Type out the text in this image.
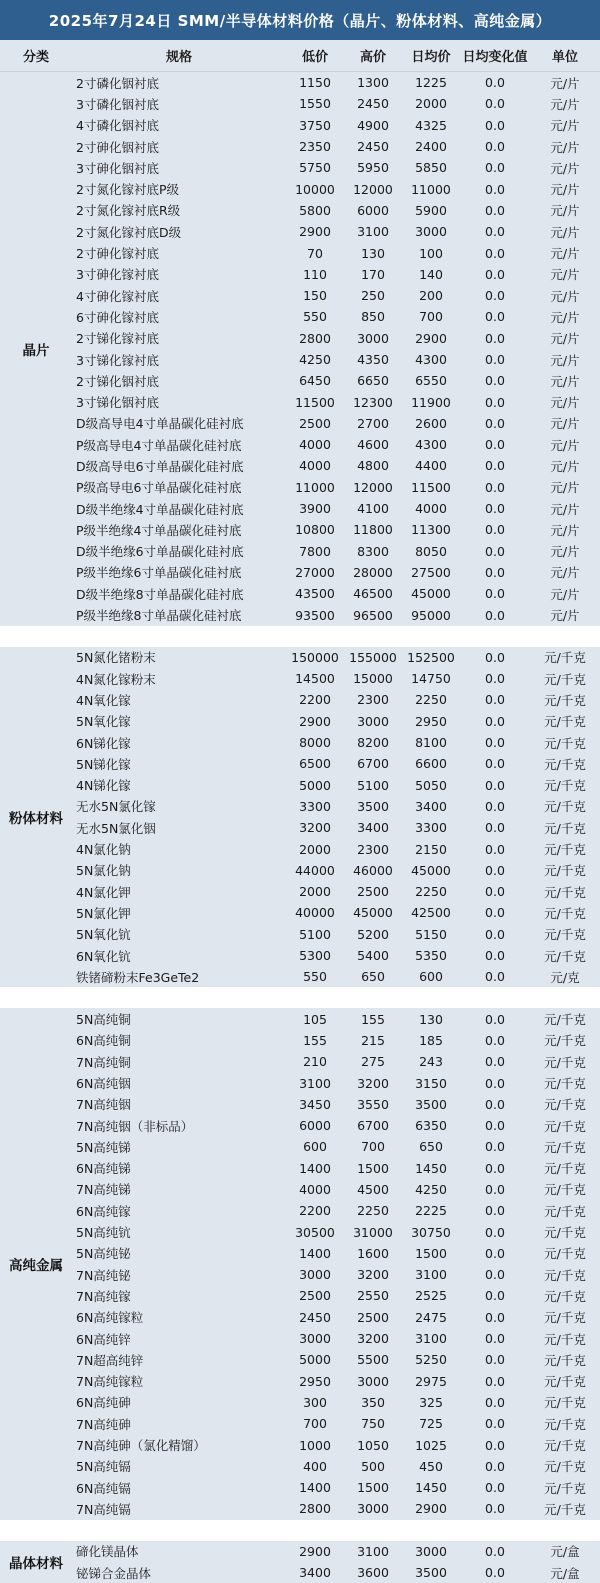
2025年7月24日 SMM/半导体材料价格（晶片、粉体材料、高纯金属）
分类	规格	低价	高价	日均价 日均变化值	单位
晶片
2寸磷化铟衬底	1150	1300	1225	0.0	元/片
3寸磷化铟衬底	1550	2450	2000	0.0	元/片
4寸磷化铟衬底	3750	4900	4325	0.0	元/片
2寸砷化铟衬底	2350	2450	2400	0.0	元/片
3寸砷化铟衬底	5750	5950	5850	0.0	元/片
2寸氮化镓衬底P级	10000	12000	11000	0.0	元/片
2寸氮化镓衬底R级	5800	6000	5900	0.0	元/片
2寸氮化镓衬底D级	2900	3100	3000	0.0	元/片
2寸砷化镓衬底	70	130	100	0.0	元/片
3寸砷化镓衬底	110	170	140	0.0	元/片
4寸砷化镓衬底	150	250	200	0.0	元/片
6寸砷化镓衬底	550	850	700	0.0	元/片
2寸锑化镓衬底	2800	3000	2900	0.0	元/片
3寸锑化镓衬底	4250	4350	4300	0.0	元/片
2寸锑化铟衬底	6450	6650	6550	0.0	元/片
3寸锑化铟衬底	11500	12300	11900	0.0	元/片
D级高导电4寸单晶碳化硅衬底	2500	2700	2600	0.0	元/片
P级高导电4寸单晶碳化硅衬底	4000	4600	4300	0.0	元/片
D级高导电6寸单晶碳化硅衬底	4000	4800	4400	0.0	元/片
P级高导电6寸单晶碳化硅衬底	11000	12000	11500	0.0	元/片
D级半绝缘4寸单晶碳化硅衬底	3900	4100	4000	0.0	元/片
P级半绝缘4寸单晶碳化硅衬底	10800	11800	11300	0.0	元/片
D级半绝缘6寸单晶碳化硅衬底	7800	8300	8050	0.0	元/片
P级半绝缘6寸单晶碳化硅衬底	27000	28000	27500	0.0	元/片
D级半绝缘8寸单晶碳化硅衬底	43500	46500	45000	0.0	元/片
P级半绝缘8寸单晶碳化硅衬底	93500	96500	95000	0.0	元/片
粉体材料
5N氮化锗粉末	150000 155000 152500	0.0	元/千克
4N氮化镓粉末	14500	15000	14750	0.0	元/千克
4N氧化镓	2200	2300	2250	0.0	元/千克
5N氧化镓	2900	3000	2950	0.0	元/千克
6N锑化镓	8000	8200	8100	0.0	元/千克
5N锑化镓	6500	6700	6600	0.0	元/千克
4N锑化镓	5000	5100	5050	0.0	元/千克
无水5N氯化镓	3300	3500	3400	0.0	元/千克
无水5N氯化铟	3200	3400	3300	0.0	元/千克
4N氯化钠	2000	2300	2150	0.0	元/千克
5N氯化钠	44000	46000	45000	0.0	元/千克
4N氯化钾	2000	2500	2250	0.0	元/千克
5N氯化钾	40000	45000	42500	0.0	元/千克
5N氧化钪	5100	5200	5150	0.0	元/千克
6N氧化钪	5300	5400	5350	0.0	元/千克
铁锗碲粉末Fe3GeTe2	550	650	600	0.0	元/克
高纯金属
5N高纯铜	105	155	130	0.0	元/千克
6N高纯铜	155	215	185	0.0	元/千克
7N高纯铜	210	275	243	0.0	元/千克
6N高纯铟	3100	3200	3150	0.0	元/千克
7N高纯铟	3450	3550	3500	0.0	元/千克
7N高纯铟（非标品）	6000	6700	6350	0.0	元/千克
5N高纯锑	600	700	650	0.0	元/千克
6N高纯锑	1400	1500	1450	0.0	元/千克
7N高纯锑	4000	4500	4250	0.0	元/千克
6N高纯镓	2200	2250	2225	0.0	元/千克
5N高纯钪	30500	31000	30750	0.0	元/千克
5N高纯铋	1400	1600	1500	0.0	元/千克
7N高纯铋	3000	3200	3100	0.0	元/千克
7N高纯镓	2500	2550	2525	0.0	元/千克
6N高纯镓粒	2450	2500	2475	0.0	元/千克
6N高纯锌	3000	3200	3100	0.0	元/千克
7N超高纯锌	5000	5500	5250	0.0	元/千克
7N高纯镓粒	2950	3000	2975	0.0	元/千克
6N高纯砷	300	350	325	0.0	元/千克
7N高纯砷	700	750	725	0.0	元/千克
7N高纯砷（氯化精馏）	1000	1050	1025	0.0	元/千克
5N高纯镉	400	500	450	0.0	元/千克
6N高纯镉	1400	1500	1450	0.0	元/千克
7N高纯镉	2800	3000	2900	0.0	元/千克
晶体材料
碲化镁晶体	2900	3100	3000	0.0	元/盒
铋锑合金晶体	3400	3600	3500	0.0	元/盒
